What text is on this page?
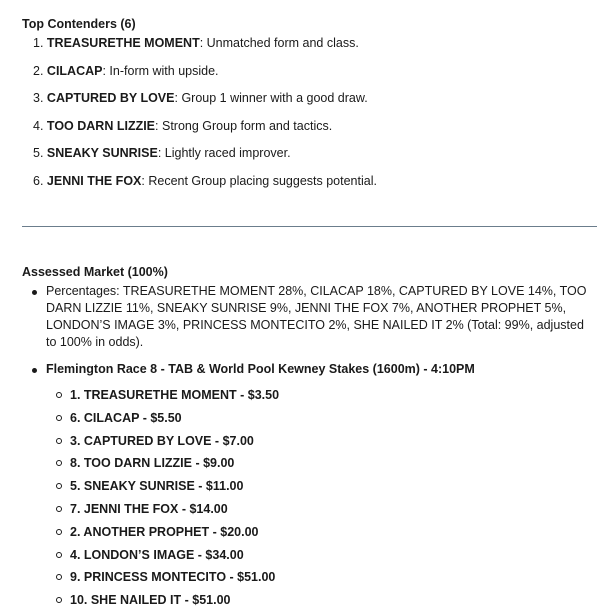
Top Contenders (6)

1. TREASURETHE MOMENT: Unmatched form and class.
2. CILACAP: In-form with upside.
3. CAPTURED BY LOVE: Group 1 winner with a good draw.
4. TOO DARN LIZZIE: Strong Group form and tactics.
5. SNEAKY SUNRISE: Lightly raced improver.
6. JENNI THE FOX: Recent Group placing suggests potential.

Assessed Market (100%)

Percentages: TREASURETHE MOMENT 28%, CILACAP 18%, CAPTURED BY LOVE 14%, TOO DARN LIZZIE 11%, SNEAKY SUNRISE 9%, JENNI THE FOX 7%, ANOTHER PROPHET 5%, LONDON’S IMAGE 3%, PRINCESS MONTECITO 2%, SHE NAILED IT 2% (Total: 99%, adjusted to 100% in odds).
Flemington Race 8 - TAB & World Pool Kewney Stakes (1600m) - 4:10PM
1. TREASURETHE MOMENT - $3.50
6. CILACAP - $5.50
3. CAPTURED BY LOVE - $7.00
8. TOO DARN LIZZIE - $9.00
5. SNEAKY SUNRISE - $11.00
7. JENNI THE FOX - $14.00
2. ANOTHER PROPHET - $20.00
4. LONDON’S IMAGE - $34.00
9. PRINCESS MONTECITO - $51.00
10. SHE NAILED IT - $51.00
